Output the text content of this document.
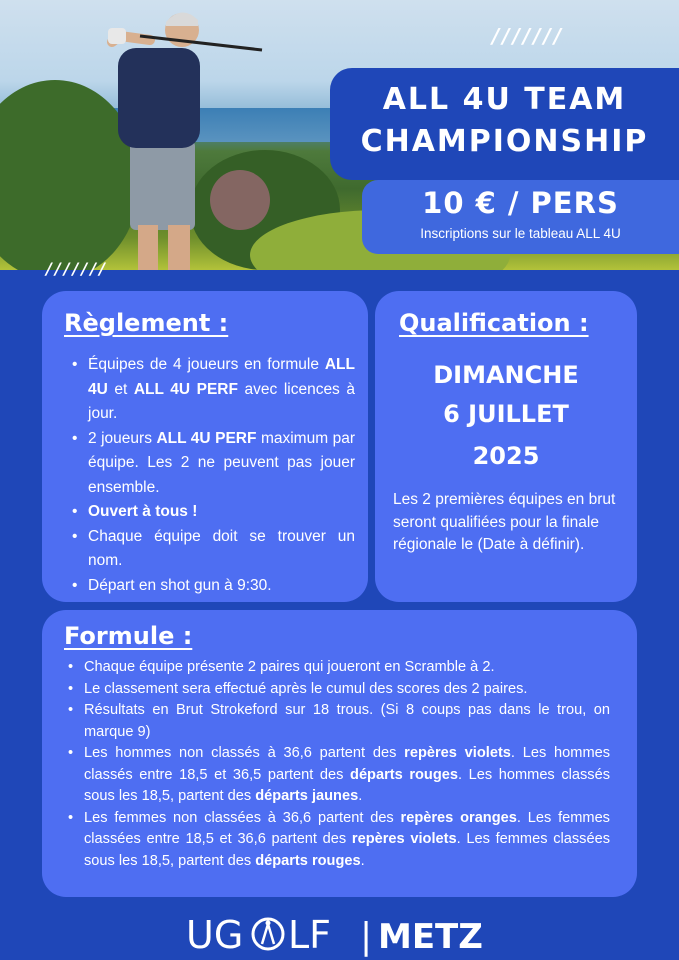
///////
ALL 4U TEAM
CHAMPIONSHIP
10 € / PERS
Inscriptions sur le tableau ALL 4U
///////
Règlement :
• Équipes de 4 joueurs en formule ALL 4U et ALL 4U PERF avec licences à jour.
• 2 joueurs ALL 4U PERF maximum par équipe. Les 2 ne peuvent pas jouer ensemble.
• Ouvert à tous !
• Chaque équipe doit se trouver un nom.
• Départ en shot gun à 9:30.
Qualification :
DIMANCHE
6 JUILLET
2025
Les 2 premières équipes en brut seront qualifiées pour la finale régionale le (Date à définir).
Formule :
• Chaque équipe présente 2 paires qui joueront en Scramble à 2.
• Le classement sera effectué après le cumul des scores des 2 paires.
• Résultats en Brut Strokeford sur 18 trous. (Si 8 coups pas dans le trou, on marque 9)
• Les hommes non classés à 36,6 partent des repères violets. Les hommes classés entre 18,5 et 36,5 partent des départs rouges. Les hommes classés sous les 18,5, partent des départs jaunes.
• Les femmes non classées à 36,6 partent des repères oranges. Les femmes classées entre 18,5 et 36,6 partent des repères violets. Les femmes classées sous les 18,5, partent des départs rouges.
UG LF | METZ
